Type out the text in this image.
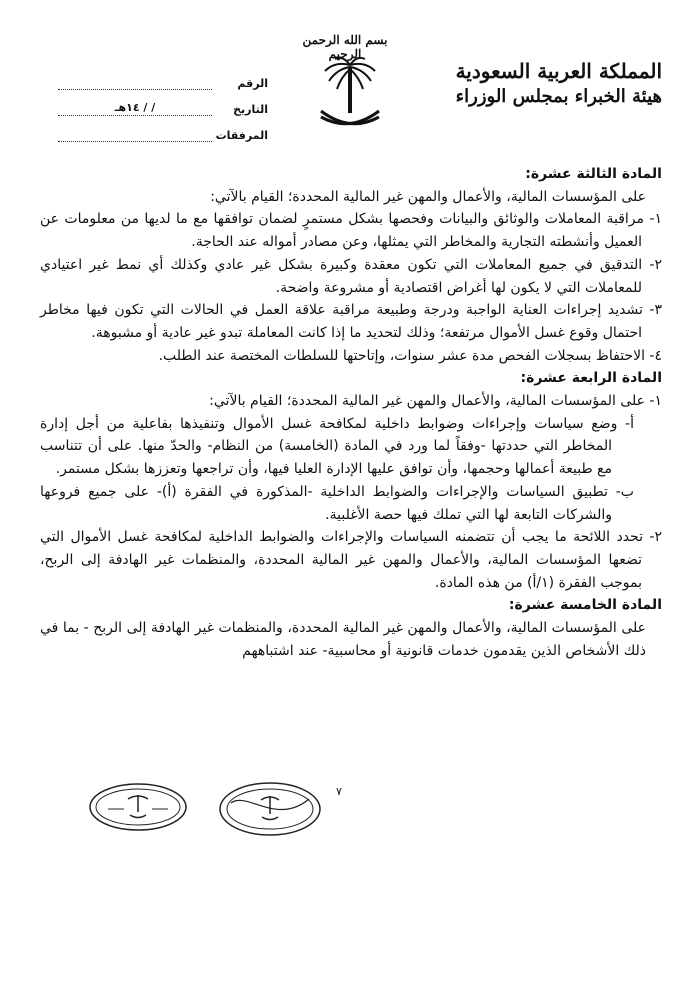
بسم الله الرحمن الرحيم
المملكة العربية السعودية
هيئة الخبراء بمجلس الوزراء
الرقم
التاريخ
/ / ١٤هـ
المرفقات

المادة الثالثة عشرة:

على المؤسسات المالية، والأعمال والمهن غير المالية المحددة؛ القيام بالآتي:

١- مراقبة المعاملات والوثائق والبيانات وفحصها بشكل مستمرٍ لضمان توافقها مع ما لديها من معلومات عن العميل وأنشطته التجارية والمخاطر التي يمثلها، وعن مصادر أمواله عند الحاجة.

٢- التدقيق في جميع المعاملات التي تكون معقدة وكبيرة بشكل غير عادي وكذلك أي نمط غير اعتيادي للمعاملات التي لا يكون لها أغراض اقتصادية أو مشروعة واضحة.

٣- تشديد إجراءات العناية الواجبة ودرجة وطبيعة مراقبة علاقة العمل في الحالات التي تكون فيها مخاطر احتمال وقوع غسل الأموال مرتفعة؛ وذلك لتحديد ما إذا كانت المعاملة تبدو غير عادية أو مشبوهة.

٤- الاحتفاظ بسجلات الفحص مدة عشر سنوات، وإتاحتها للسلطات المختصة عند الطلب.

المادة الرابعة عشرة:

١- على المؤسسات المالية، والأعمال والمهن غير المالية المحددة؛ القيام بالآتي:

أ- وضع سياسات وإجراءات وضوابط داخلية لمكافحة غسل الأموال وتنفيذها بفاعلية من أجل إدارة المخاطر التي حددتها -وفقاً لما ورد في المادة (الخامسة) من النظام- والحدّ منها. على أن تتناسب مع طبيعة أعمالها وحجمها، وأن توافق عليها الإدارة العليا فيها، وأن تراجعها وتعززها بشكل مستمر.

ب- تطبيق السياسات والإجراءات والضوابط الداخلية -المذكورة في الفقرة (أ)- على جميع فروعها والشركات التابعة لها التي تملك فيها حصة الأغلبية.

٢- تحدد اللائحة ما يجب أن تتضمنه السياسات والإجراءات والضوابط الداخلية لمكافحة غسل الأموال التي تضعها المؤسسات المالية، والأعمال والمهن غير المالية المحددة، والمنظمات غير الهادفة إلى الربح، بموجب الفقرة (١/أ) من هذه المادة.

المادة الخامسة عشرة:

على المؤسسات المالية، والأعمال والمهن غير المالية المحددة، والمنظمات غير الهادفة إلى الربح - بما في ذلك الأشخاص الذين يقدمون خدمات قانونية أو محاسبية- عند اشتباههم

٧
